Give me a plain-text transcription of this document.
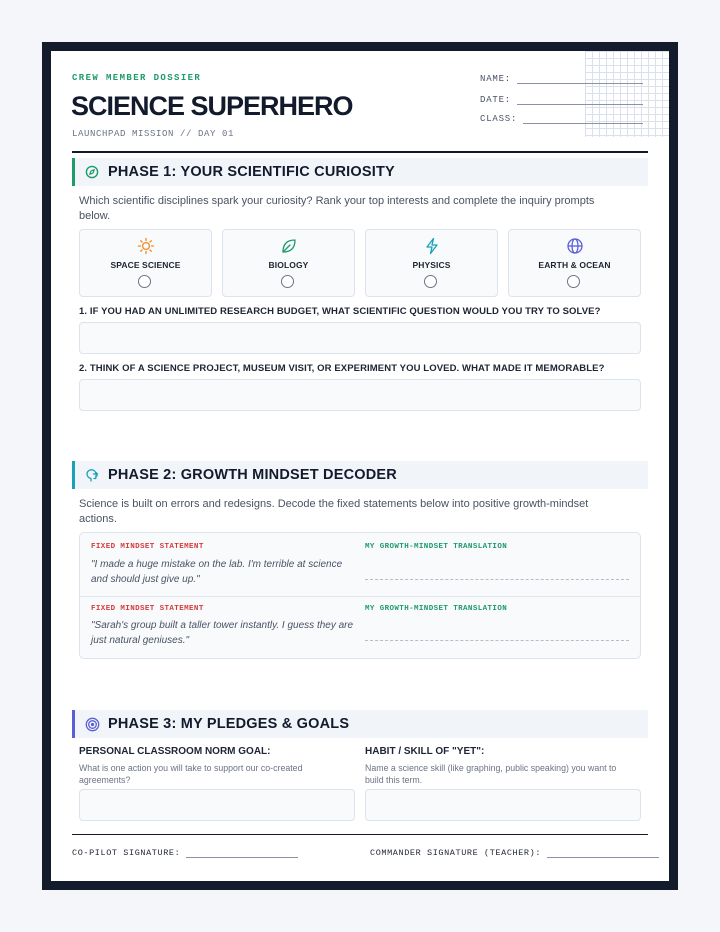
CREW MEMBER DOSSIER
SCIENCE SUPERHERO
LAUNCHPAD MISSION // DAY 01
NAME:
DATE:
CLASS:
PHASE 1: YOUR SCIENTIFIC CURIOSITY
Which scientific disciplines spark your curiosity? Rank your top interests and complete the inquiry prompts below.
SPACE SCIENCE	BIOLOGY	PHYSICS	EARTH & OCEAN
1. IF YOU HAD AN UNLIMITED RESEARCH BUDGET, WHAT SCIENTIFIC QUESTION WOULD YOU TRY TO SOLVE?
2. THINK OF A SCIENCE PROJECT, MUSEUM VISIT, OR EXPERIMENT YOU LOVED. WHAT MADE IT MEMORABLE?
PHASE 2: GROWTH MINDSET DECODER
Science is built on errors and redesigns. Decode the fixed statements below into positive growth-mindset actions.
FIXED MINDSET STATEMENT	MY GROWTH-MINDSET TRANSLATION
"I made a huge mistake on the lab. I'm terrible at science and should just give up."
FIXED MINDSET STATEMENT	MY GROWTH-MINDSET TRANSLATION
"Sarah's group built a taller tower instantly. I guess they are just natural geniuses."
PHASE 3: MY PLEDGES & GOALS
PERSONAL CLASSROOM NORM GOAL:
What is one action you will take to support our co-created agreements?
HABIT / SKILL OF "YET":
Name a science skill (like graphing, public speaking) you want to build this term.
CO-PILOT SIGNATURE:	COMMANDER SIGNATURE (TEACHER):
